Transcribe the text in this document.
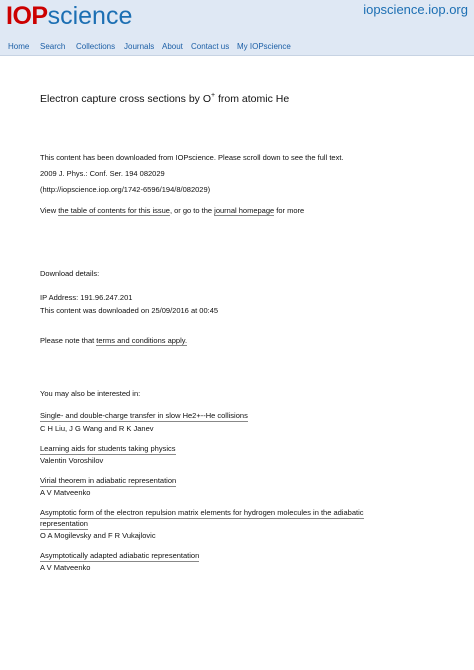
IOPscience	iopscience.iop.org
Home Search Collections Journals About Contact us My IOPscience
Electron capture cross sections by O+ from atomic He
This content has been downloaded from IOPscience. Please scroll down to see the full text.
2009 J. Phys.: Conf. Ser. 194 082029
(http://iopscience.iop.org/1742-6596/194/8/082029)
View the table of contents for this issue, or go to the journal homepage for more
Download details:
IP Address: 191.96.247.201
This content was downloaded on 25/09/2016 at 00:45
Please note that terms and conditions apply.
You may also be interested in:
Single- and double-charge transfer in slow He2+--He collisions
C H Liu, J G Wang and R K Janev
Learning aids for students taking physics
Valentin Voroshilov
Virial theorem in adiabatic representation
A V Matveenko
Asymptotic form of the electron repulsion matrix elements for hydrogen molecules in the adiabatic
representation
O A Mogilevsky and F R Vukajlovic
Asymptotically adapted adiabatic representation
A V Matveenko
